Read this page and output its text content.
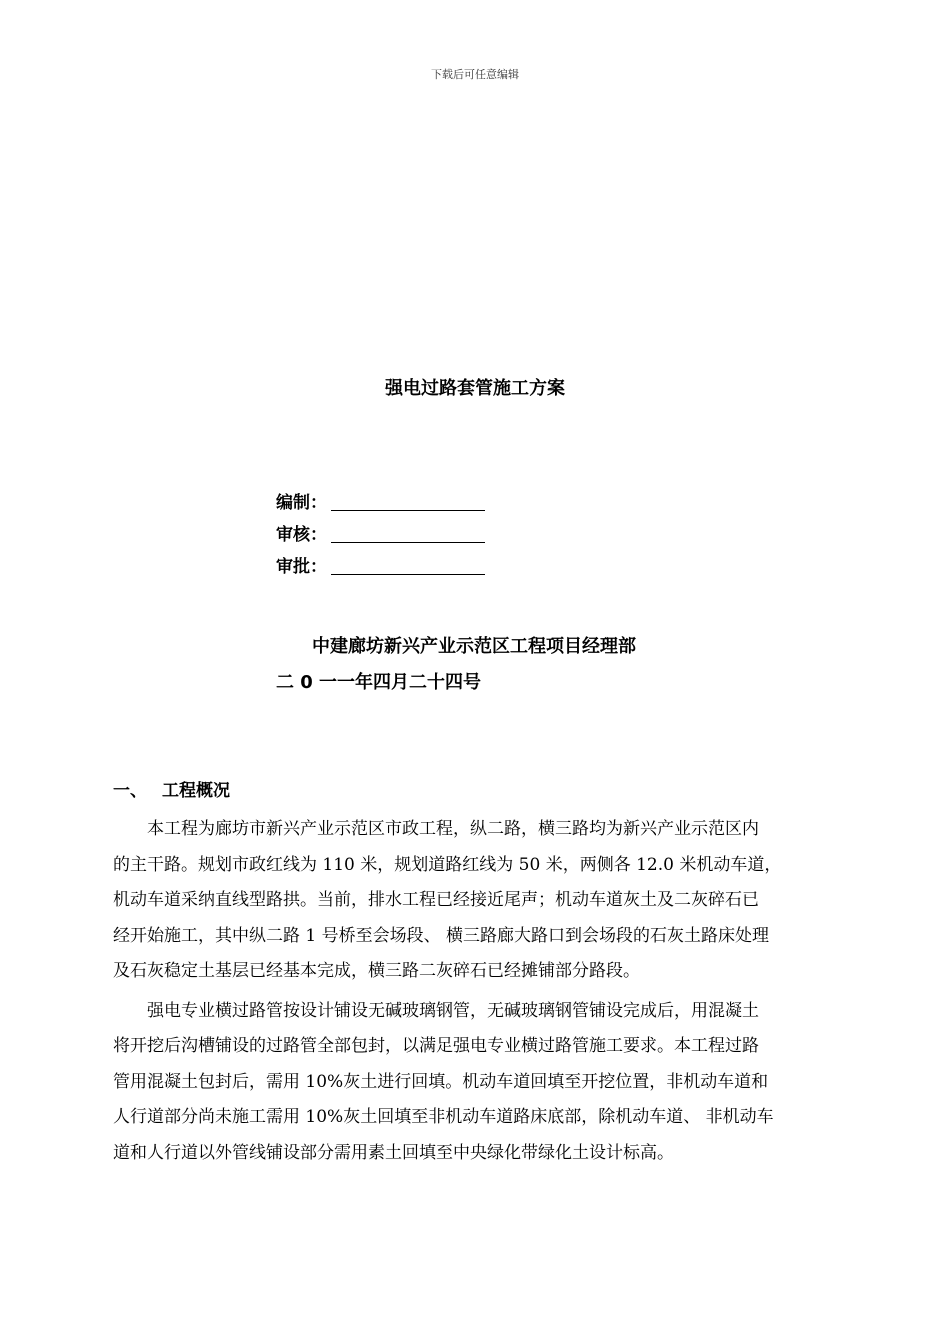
下载后可任意编辑
强电过路套管施工方案
编制：
审核：
审批：
中建廊坊新兴产业示范区工程项目经理部
二 0 一一年四月二十四号
一、 工程概况

　　本工程为廊坊市新兴产业示范区市政工程，纵二路，横三路均为新兴产业示范区内
的主干路。规划市政红线为 110 米，规划道路红线为 50 米，两侧各 12.0 米机动车道，
机动车道采纳直线型路拱。当前，排水工程已经接近尾声；机动车道灰土及二灰碎石已
经开始施工，其中纵二路 1 号桥至会场段、 横三路廊大路口到会场段的石灰土路床处理
及石灰稳定土基层已经基本完成，横三路二灰碎石已经摊铺部分路段。

　　强电专业横过路管按设计铺设无碱玻璃钢管，无碱玻璃钢管铺设完成后，用混凝土
将开挖后沟槽铺设的过路管全部包封，以满足强电专业横过路管施工要求。本工程过路
管用混凝土包封后，需用 10%灰土进行回填。机动车道回填至开挖位置，非机动车道和
人行道部分尚未施工需用 10%灰土回填至非机动车道路床底部，除机动车道、 非机动车
道和人行道以外管线铺设部分需用素土回填至中央绿化带绿化土设计标高。
